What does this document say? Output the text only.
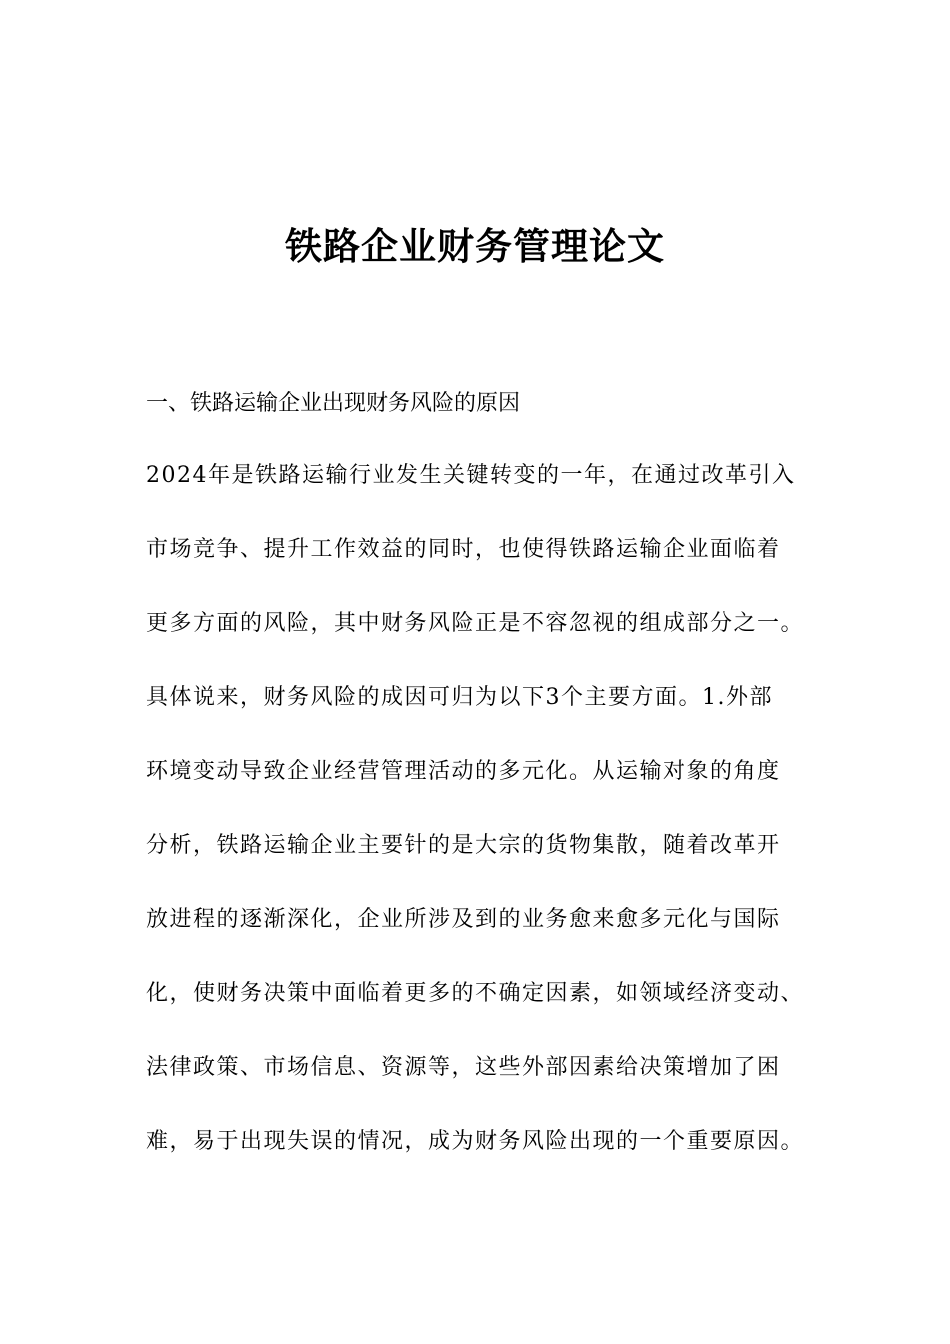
铁路企业财务管理论文
一、铁路运输企业出现财务风险的原因
2024年是铁路运输行业发生关键转变的一年，在通过改革引入
市场竞争、提升工作效益的同时，也使得铁路运输企业面临着
更多方面的风险，其中财务风险正是不容忽视的组成部分之一。
具体说来，财务风险的成因可归为以下3个主要方面。1.外部
环境变动导致企业经营管理活动的多元化。从运输对象的角度
分析，铁路运输企业主要针的是大宗的货物集散，随着改革开
放进程的逐渐深化，企业所涉及到的业务愈来愈多元化与国际
化，使财务决策中面临着更多的不确定因素，如领域经济变动、
法律政策、市场信息、资源等，这些外部因素给决策增加了困
难，易于出现失误的情况，成为财务风险出现的一个重要原因。
